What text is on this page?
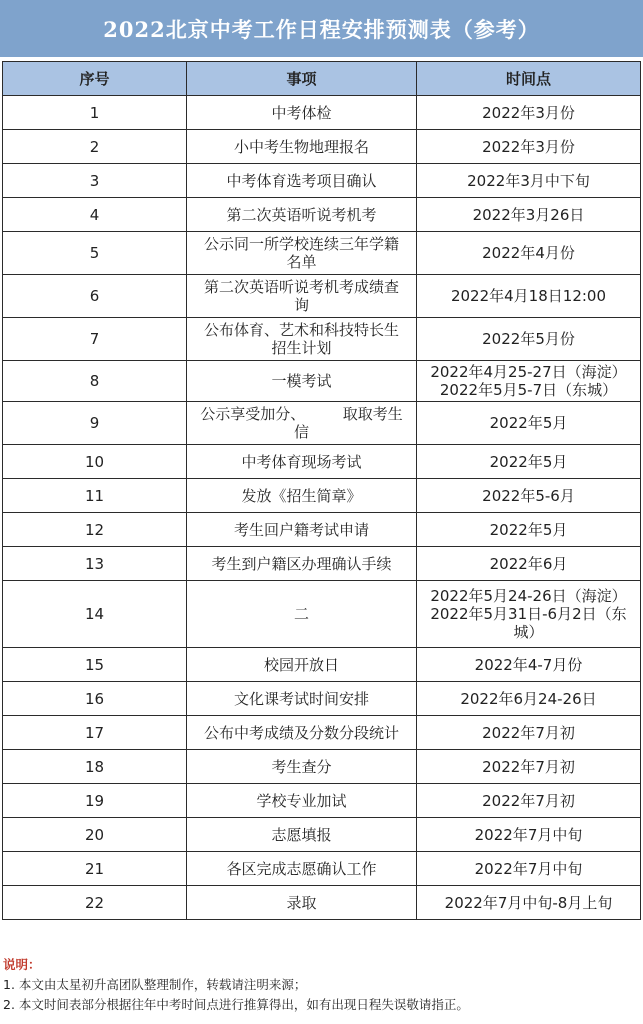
2022北京中考工作日程安排预测表（参考）
序号	事项	时间点
1	中考体检	2022年3月份

2	小中考生物地理报名	2022年3月份

3	中考体育选考项目确认	2022年3月中下旬

4	第二次英语听说考机考	2022年3月26日

5	公示同一所学校连续三年学籍
名单	2022年4月份

6	第二次英语听说考机考成绩查
询	2022年4月18日12:00

7	公布体育、艺术和科技特长生
招生计划	2022年5月份

8	一模考试	2022年4月25-27日（海淀）
2022年5月5-7日（东城）

9	公示享受加分、　　　取取考生
信	2022年5月

10	中考体育现场考试	2022年5月

11	发放《招生简章》	2022年5-6月

12	考生回户籍考试申请	2022年5月

13	考生到户籍区办理确认手续	2022年6月

14	二	2022年5月24-26日（海淀）
2022年5月31日-6月2日（东
城）

15	校园开放日	2022年4-7月份

16	文化课考试时间安排	2022年6月24-26日

17	公布中考成绩及分数分段统计	2022年7月初

18	考生查分	2022年7月初

19	学校专业加试	2022年7月初

20	志愿填报	2022年7月中旬

21	各区完成志愿确认工作	2022年7月中旬

22	录取	2022年7月中旬-8月上旬
说明：
1. 本文由太星初升高团队整理制作，转载请注明来源；
2. 本文时间表部分根据往年中考时间点进行推算得出，如有出现日程失误敬请指正。
